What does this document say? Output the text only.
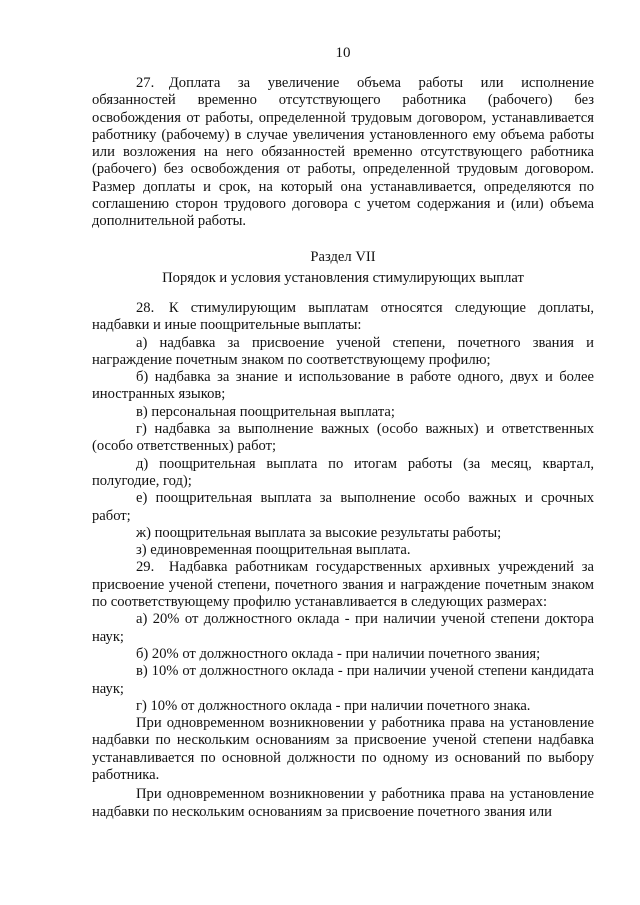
10

27. Доплата за увеличение объема работы или исполнение обязанностей временно отсутствующего работника (рабочего) без освобождения от работы, определенной трудовым договором, устанавливается работнику (рабочему) в случае увеличения установленного ему объема работы или возложения на него обязанностей временно отсутствующего работника (рабочего) без освобождения от работы, определенной трудовым договором. Размер доплаты и срок, на который она устанавливается, определяются по соглашению сторон трудового договора с учетом содержания и (или) объема дополнительной работы.

Раздел VII

Порядок и условия установления стимулирующих выплат

28. К стимулирующим выплатам относятся следующие доплаты, надбавки и иные поощрительные выплаты:

а) надбавка за присвоение ученой степени, почетного звания и награждение почетным знаком по соответствующему профилю;

б) надбавка за знание и использование в работе одного, двух и более иностранных языков;

в) персональная поощрительная выплата;

г) надбавка за выполнение важных (особо важных) и ответственных (особо ответственных) работ;

д) поощрительная выплата по итогам работы (за месяц, квартал, полугодие, год);

е) поощрительная выплата за выполнение особо важных и срочных работ;

ж) поощрительная выплата за высокие результаты работы;

з) единовременная поощрительная выплата.

29. Надбавка работникам государственных архивных учреждений за присвоение ученой степени, почетного звания и награждение почетным знаком по соответствующему профилю устанавливается в следующих размерах:

а) 20% от должностного оклада - при наличии ученой степени доктора наук;

б) 20% от должностного оклада - при наличии почетного звания;

в) 10% от должностного оклада - при наличии ученой степени кандидата наук;

г) 10% от должностного оклада - при наличии почетного знака.

При одновременном возникновении у работника права на установление надбавки по нескольким основаниям за присвоение ученой степени надбавка устанавливается по основной должности по одному из оснований по выбору работника.

При одновременном возникновении у работника права на установление надбавки по нескольким основаниям за присвоение почетного звания или
